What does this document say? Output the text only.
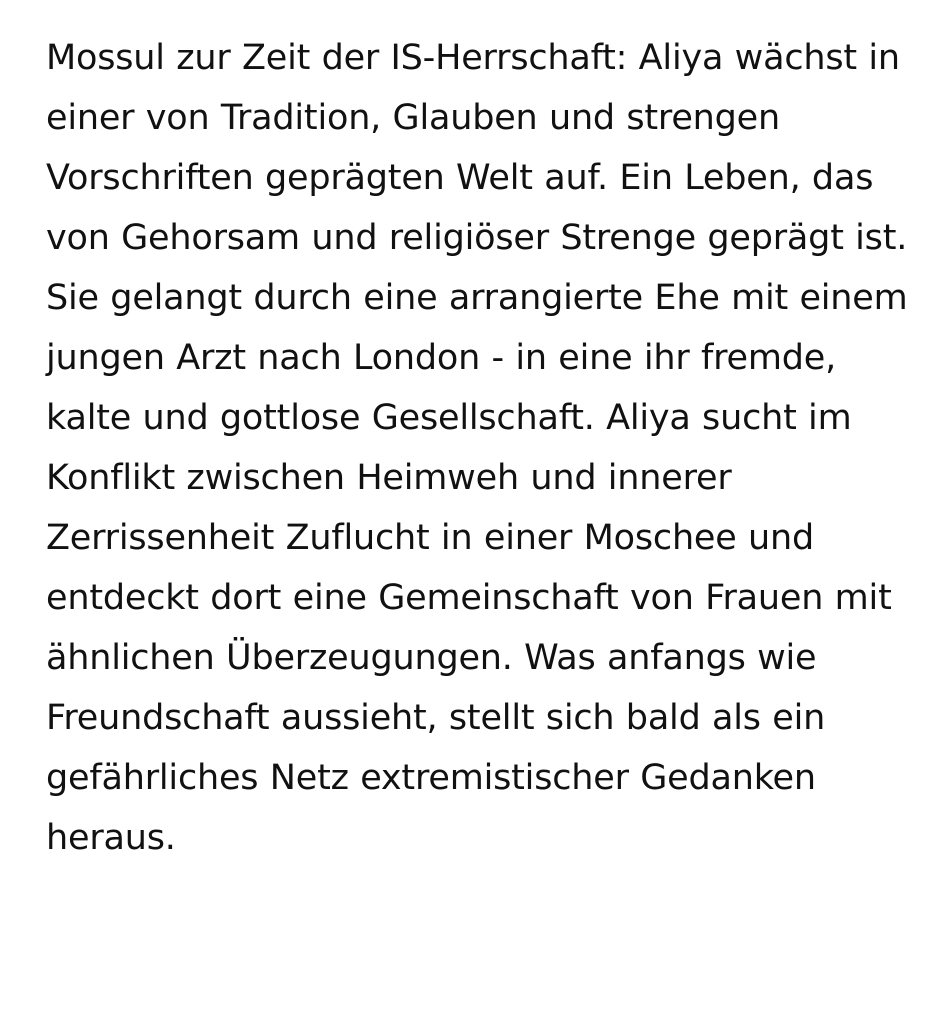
Mossul zur Zeit der IS-Herrschaft: Aliya wächst in einer von Tradition, Glauben und strengen Vorschriften geprägten Welt auf. Ein Leben, das von Gehorsam und religiöser Strenge geprägt ist. Sie gelangt durch eine arrangierte Ehe mit einem jungen Arzt nach London - in eine ihr fremde, kalte und gottlose Gesellschaft. Aliya sucht im Konflikt zwischen Heimweh und innerer Zerrissenheit Zuflucht in einer Moschee und entdeckt dort eine Gemeinschaft von Frauen mit ähnlichen Überzeugungen. Was anfangs wie Freundschaft aussieht, stellt sich bald als ein gefährliches Netz extremistischer Gedanken heraus.
